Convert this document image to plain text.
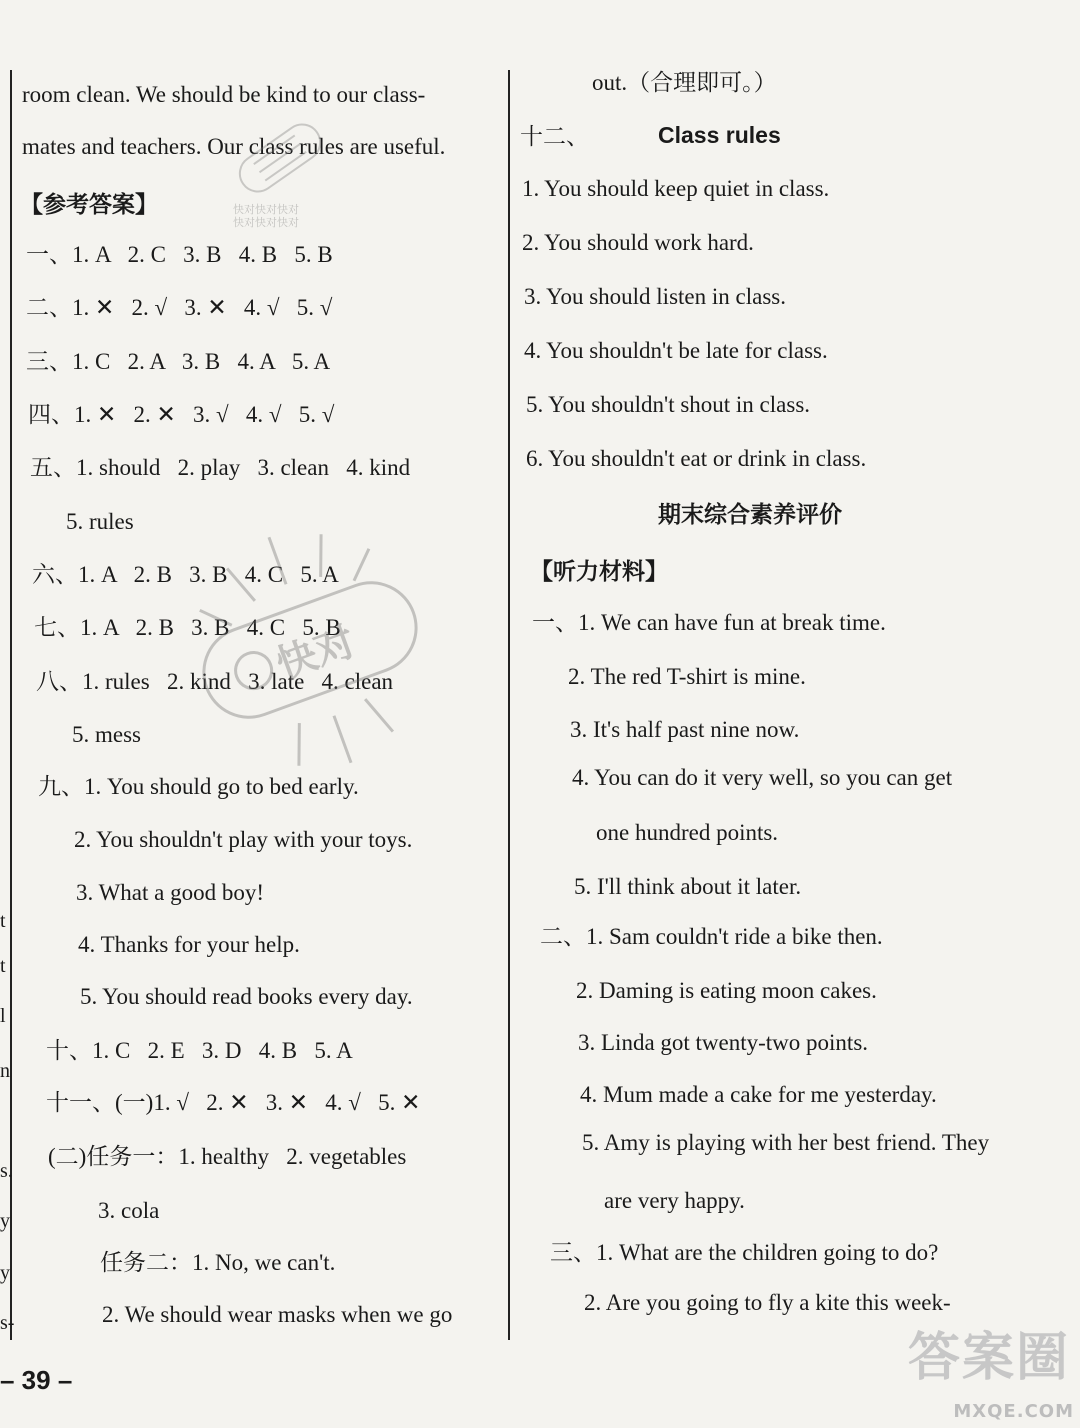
t
t
l
n
s.
y
y
s-
room clean. We should be kind to our class-
mates and teachers. Our class rules are useful.
【参考答案】
一、1. A   2. C   3. B   4. B   5. B
二、1. ✕   2. √   3. ✕   4. √   5. √
三、1. C   2. A   3. B   4. A   5. A
四、1. ✕   2. ✕   3. √   4. √   5. √
五、1. should   2. play   3. clean   4. kind
5. rules
六、1. A   2. B   3. B   4. C   5. A
七、1. A   2. B   3. B   4. C   5. B
八、1. rules   2. kind   3. late   4. clean
5. mess
九、1. You should go to bed early.
2. You shouldn't play with your toys.
3. What a good boy!
4. Thanks for your help.
5. You should read books every day.
十、1. C   2. E   3. D   4. B   5. A
十一、(一)1. √   2. ✕   3. ✕   4. √   5. ✕
(二)任务一：1. healthy   2. vegetables
3. cola
任务二：1. No, we can't.
2. We should wear masks when we go
out.（合理即可。）
十二、	Class rules
1. You should keep quiet in class.
2. You should work hard.
3. You should listen in class.
4. You shouldn't be late for class.
5. You shouldn't shout in class.
6. You shouldn't eat or drink in class.
期末综合素养评价
【听力材料】
一、1. We can have fun at break time.
2. The red T-shirt is mine.
3. It's half past nine now.
4. You can do it very well, so you can get
one hundred points.
5. I'll think about it later.
二、1. Sam couldn't ride a bike then.
2. Daming is eating moon cakes.
3. Linda got twenty-two points.
4. Mum made a cake for me yesterday.
5. Amy is playing with her best friend. They
are very happy.
三、1. What are the children going to do?
2. Are you going to fly a kite this week-
快对快对快对
快对快对快对
快对
– 39 –	答案圈
MXQE.COM
